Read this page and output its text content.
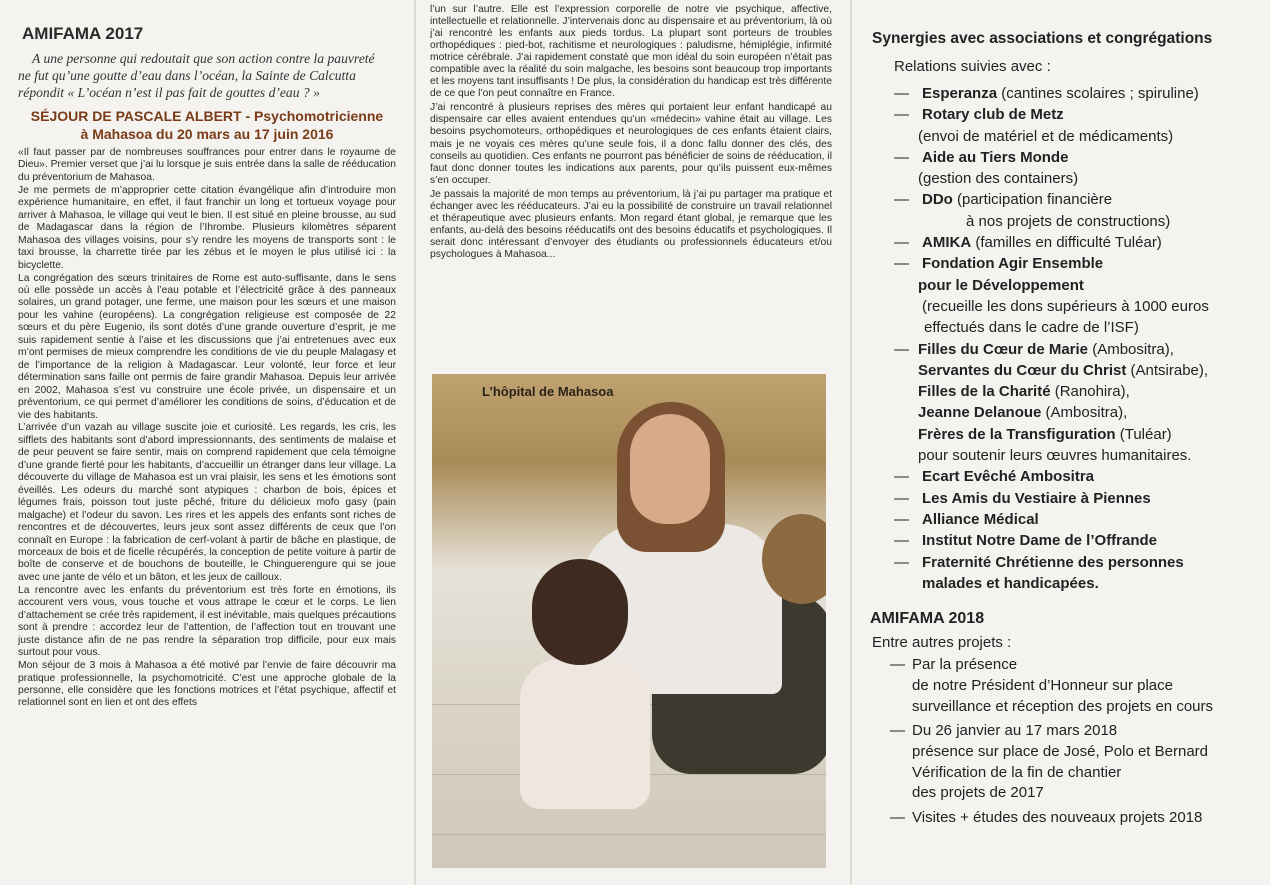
AMIFAMA 2017
A une personne qui redoutait que son action contre la pauvreté
ne fut qu’une goutte d’eau dans l’océan, la Sainte de Calcutta
répondit « L’océan n’est il pas fait de gouttes d’eau ? »
SÉJOUR DE PASCALE ALBERT - Psychomotricienne
à Mahasoa du 20 mars au 17 juin 2016

«Il faut passer par de nombreuses souffrances pour entrer dans le royaume de Dieu». Premier verset que j’ai lu lorsque je suis entrée dans la salle de rééducation du préventorium de Mahasoa.

Je me permets de m’approprier cette citation évangélique afin d’introduire mon expérience humanitaire, en effet, il faut franchir un long et tortueux voyage pour arriver à Mahasoa, le village qui veut le bien. Il est situé en pleine brousse, au sud de Madagascar dans la région de l’Ihrombe. Plusieurs kilomètres séparent Mahasoa des villages voisins, pour s’y rendre les moyens de transports sont : le taxi brousse, la charrette tirée par les zébus et le moyen le plus utilisé ici : la bicyclette.

La congrégation des sœurs trinitaires de Rome est auto-suffisante, dans le sens où elle possède un accès à l’eau potable et l’électricité grâce à des panneaux solaires, un grand potager, une ferme, une maison pour les sœurs et une maison pour les vahine (européens). La congrégation religieuse est composée de 22 sœurs et du père Eugenio, ils sont dotés d’une grande ouverture d’esprit, je me suis rapidement sentie à l’aise et les discussions que j’ai entretenues avec eux m’ont permises de mieux comprendre les conditions de vie du peuple Malagasy et de l’importance de la religion à Madagascar. Leur volonté, leur force et leur détermination sans faille ont permis de faire grandir Mahasoa. Depuis leur arrivée en 2002, Mahasoa s’est vu construire une école privée, un dispensaire et un préventorium, ce qui permet d’améliorer les conditions de soins, d’éducation et de vie des habitants.

L’arrivée d’un vazah au village suscite joie et curiosité. Les regards, les cris, les sifflets des habitants sont d’abord impressionnants, des sentiments de malaise et de peur peuvent se faire sentir, mais on comprend rapidement que cela témoigne d’une grande fierté pour les habitants, d’accueillir un étranger dans leur village. La découverte du village de Mahasoa est un vrai plaisir, les sens et les émotions sont éveillés. Les odeurs du marché sont atypiques : charbon de bois, épices et légumes frais, poisson tout juste pêché, friture du délicieux mofo gasy (pain malgache) et l’odeur du savon. Les rires et les appels des enfants sont riches de rencontres et de découvertes, leurs jeux sont assez différents de ceux que l’on connaît en Europe : la fabrication de cerf-volant à partir de bâche en plastique, de morceaux de bois et de ficelle récupérés, la conception de petite voiture à partir de boîte de conserve et de bouchons de bouteille, le Chinguerengure qui se joue avec une jante de vélo et un bâton, et les jeux de cailloux.

La rencontre avec les enfants du préventorium est très forte en émotions, ils accourent vers vous, vous touche et vous attrape le cœur et le corps. Le lien d’attachement se crée très rapidement, il est inévitable, mais quelques précautions sont à prendre : accordez leur de l’attention, de l’affection tout en trouvant une juste distance afin de ne pas rendre la séparation trop difficile, pour eux mais surtout pour vous.

Mon séjour de 3 mois à Mahasoa a été motivé par l’envie de faire découvrir ma pratique professionnelle, la psychomotricité. C’est une approche globale de la personne, elle considère que les fonctions motrices et l’état psychique, affectif et relationnel sont en lien et ont des effets

l’un sur l’autre. Elle est l’expression corporelle de notre vie psychique, affective, intellectuelle et relationnelle. J’intervenais donc au dispensaire et au préventorium, là où j’ai rencontré les enfants aux pieds tordus. La plupart sont porteurs de troubles orthopédiques : pied-bot, rachitisme et neurologiques : paludisme, hémiplégie, infirmité motrice cérébrale. J’ai rapidement constaté que mon idéal du soin européen n’était pas compatible avec la réalité du soin malgache, les besoins sont beaucoup trop importants et les moyens tant insuffisants ! De plus, la considération du handicap est très différente de ce que l’on peut connaître en France.

J’ai rencontré à plusieurs reprises des mères qui portaient leur enfant handicapé au dispensaire car elles avaient entendues qu’un «médecin» vahine était au village. Les besoins psychomoteurs, orthopédiques et neurologiques de ces enfants étaient clairs, mais je ne voyais ces mères qu’une seule fois, il a donc fallu donner des clés, des conseils au quotidien. Ces enfants ne pourront pas bénéficier de soins de rééducation, il faut donc donner toutes les indications aux parents, pour qu’ils puissent eux-mêmes s’en occuper.

Je passais la majorité de mon temps au préventorium, là j’ai pu partager ma pratique et échanger avec les rééducateurs. J’ai eu la possibilité de construire un travail relationnel et thérapeutique avec plusieurs enfants. Mon regard étant global, je remarque que les enfants, au-delà des besoins rééducatifs ont des besoins éducatifs et psychologiques. Il serait donc intéressant d’envoyer des étudiants ou professionnels éducateurs et/ou psychologues à Mahasoa...

L’hôpital de Mahasoa
Synergies avec associations et congrégations
Relations suivies avec :
— Esperanza (cantines scolaires ; spiruline)
— Rotary club de Metz
(envoi de matériel et de médicaments)
— Aide au Tiers Monde
(gestion des containers)
— DDo (participation financière
à nos projets de constructions)
— AMIKA (familles en difficulté Tuléar)
— Fondation Agir Ensemble
pour le Développement
(recueille les dons supérieurs à 1000 euros
effectués dans le cadre de l’ISF)
— Filles du Cœur de Marie (Ambositra),
Servantes du Cœur du Christ (Antsirabe),
Filles de la Charité (Ranohira),
Jeanne Delanoue (Ambositra),
Frères de la Transfiguration (Tuléar)
pour soutenir leurs œuvres humanitaires.
— Ecart Evêché Ambositra
— Les Amis du Vestiaire à Piennes
— Alliance Médical
— Institut Notre Dame de l’Offrande
— Fraternité Chrétienne des personnes
malades et handicapées.
AMIFAMA 2018
Entre autres projets :
— Par la présence
de notre Président d’Honneur sur place
surveillance et réception des projets en cours
— Du 26 janvier au 17 mars 2018
présence sur place de José, Polo et Bernard
Vérification de la fin de chantier
des projets de 2017
— Visites + études des nouveaux projets 2018
